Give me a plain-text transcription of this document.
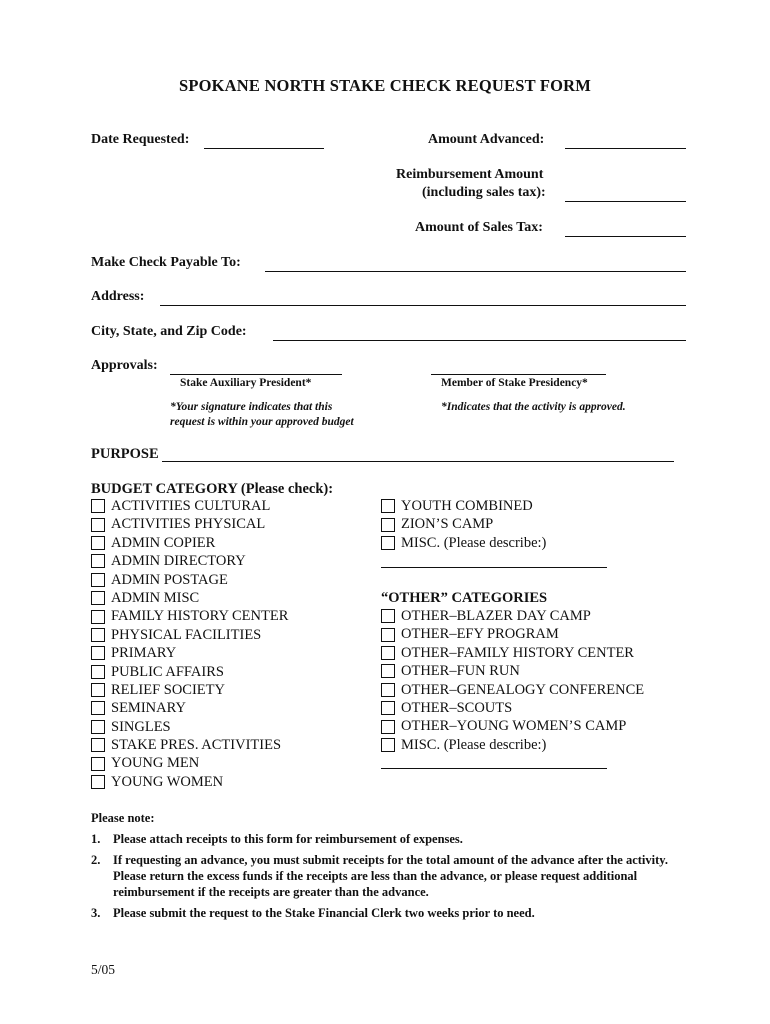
SPOKANE NORTH STAKE CHECK REQUEST FORM
Date Requested:	Amount Advanced:
Reimbursement Amount
(including sales tax):
Amount of Sales Tax:
Make Check Payable To:
Address:
City, State, and Zip Code:
Approvals:
Stake Auxiliary President*	Member of Stake Presidency*
*Your signature indicates that this
request is within your approved budget
*Indicates that the activity is approved.
PURPOSE
BUDGET CATEGORY (Please check):
ACTIVITIES CULTURAL
ACTIVITIES PHYSICAL
ADMIN COPIER
ADMIN DIRECTORY
ADMIN POSTAGE
ADMIN MISC
FAMILY HISTORY CENTER
PHYSICAL FACILITIES
PRIMARY
PUBLIC AFFAIRS
RELIEF SOCIETY
SEMINARY
SINGLES
STAKE PRES. ACTIVITIES
YOUNG MEN
YOUNG WOMEN
YOUTH COMBINED
ZION’S CAMP
MISC. (Please describe:)
“OTHER” CATEGORIES
OTHER–BLAZER DAY CAMP
OTHER–EFY PROGRAM
OTHER–FAMILY HISTORY CENTER
OTHER–FUN RUN
OTHER–GENEALOGY CONFERENCE
OTHER–SCOUTS
OTHER–YOUNG WOMEN’S CAMP
MISC. (Please describe:)
Please note:
1.	Please attach receipts to this form for reimbursement of expenses.
2.	If requesting an advance, you must submit receipts for the total amount of the advance after the activity. Please return the excess funds if the receipts are less than the advance, or please request additional reimbursement if the receipts are greater than the advance.
3.	Please submit the request to the Stake Financial Clerk two weeks prior to need.
5/05
